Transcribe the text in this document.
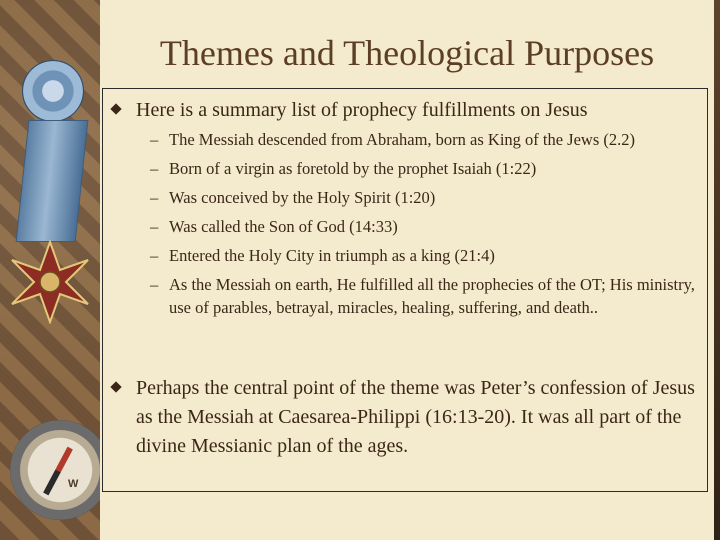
W
Themes and Theological Purposes
Here is a summary list of prophecy fulfillments on Jesus
– The Messiah descended from Abraham, born as King of the Jews (2.2)
– Born of a virgin as foretold by the prophet Isaiah (1:22)
– Was conceived by the Holy Spirit (1:20)
– Was called the Son of God (14:33)
– Entered the Holy City in triumph as a king (21:4)
– As the Messiah on earth, He fulfilled all the prophecies of the OT; His ministry, use of parables, betrayal, miracles, healing, suffering, and death..
Perhaps the central point of the theme was Peter’s confession of Jesus as the Messiah at Caesarea-Philippi (16:13-20). It was all part of the divine Messianic plan of the ages.
